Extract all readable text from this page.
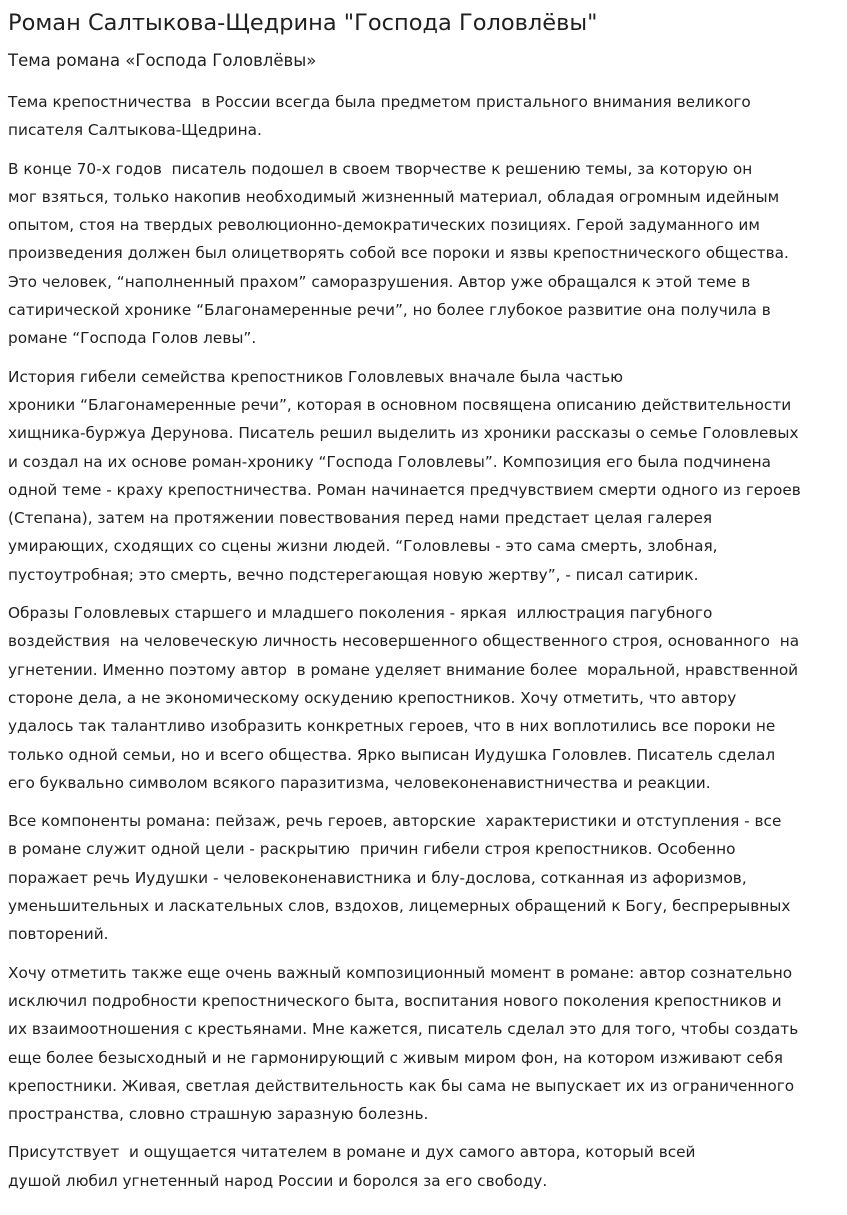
Роман Салтыкова-Щедрина "Господа Головлёвы"
Тема романа «Господа Головлёвы»
Тема крепостничества  в России всегда была предметом пристального внимания великого
писателя Салтыкова-Щедрина.
В конце 70-х годов  писатель подошел в своем творчестве к решению темы, за которую он
мог взяться, только накопив необходимый жизненный материал, обладая огромным идейным
опытом, стоя на твердых революционно-демократических позициях. Герой задуманного им
произведения должен был олицетворять собой все пороки и язвы крепостнического общества.
Это человек, “наполненный прахом” саморазрушения. Автор уже обращался к этой теме в
сатирической хронике “Благонамеренные речи”, но более глубокое развитие она получила в
романе “Господа Голов левы”.
История гибели семейства крепостников Головлевых вначале была частью
хроники “Благонамеренные речи”, которая в основном посвящена описанию действительности
хищника-буржуа Дерунова. Писатель решил выделить из хроники рассказы о семье Головлевых
и создал на их основе роман-хронику “Господа Головлевы”. Композиция его была подчинена
одной теме - краху крепостничества. Роман начинается предчувствием смерти одного из героев
(Степана), затем на протяжении повествования перед нами предстает целая галерея
умирающих, сходящих со сцены жизни людей. “Головлевы - это сама смерть, злобная,
пустоутробная; это смерть, вечно подстерегающая новую жертву”, - писал сатирик.
Образы Головлевых старшего и младшего поколения - яркая  иллюстрация пагубного
воздействия  на человеческую личность несовершенного общественного строя, основанного  на
угнетении. Именно поэтому автор  в романе уделяет внимание более  моральной, нравственной
стороне дела, а не экономическому оскудению крепостников. Хочу отметить, что автору
удалось так талантливо изобразить конкретных героев, что в них воплотились все пороки не
только одной семьи, но и всего общества. Ярко выписан Иудушка Головлев. Писатель сделал
его буквально символом всякого паразитизма, человеконенавистничества и реакции.
Все компоненты романа: пейзаж, речь героев, авторские  характеристики и отступления - все
в романе служит одной цели - раскрытию  причин гибели строя крепостников. Особенно
поражает речь Иудушки - человеконенавистника и блу-дослова, сотканная из афоризмов,
уменьшительных и ласкательных слов, вздохов, лицемерных обращений к Богу, беспрерывных
повторений.
Хочу отметить также еще очень важный композиционный момент в романе: автор сознательно
исключил подробности крепостнического быта, воспитания нового поколения крепостников и
их взаимоотношения с крестьянами. Мне кажется, писатель сделал это для того, чтобы создать
еще более безысходный и не гармонирующий с живым миром фон, на котором изживают себя
крепостники. Живая, светлая действительность как бы сама не выпускает их из ограниченного
пространства, словно страшную заразную болезнь.
Присутствует  и ощущается читателем в романе и дух самого автора, который всей
душой любил угнетенный народ России и боролся за его свободу.
